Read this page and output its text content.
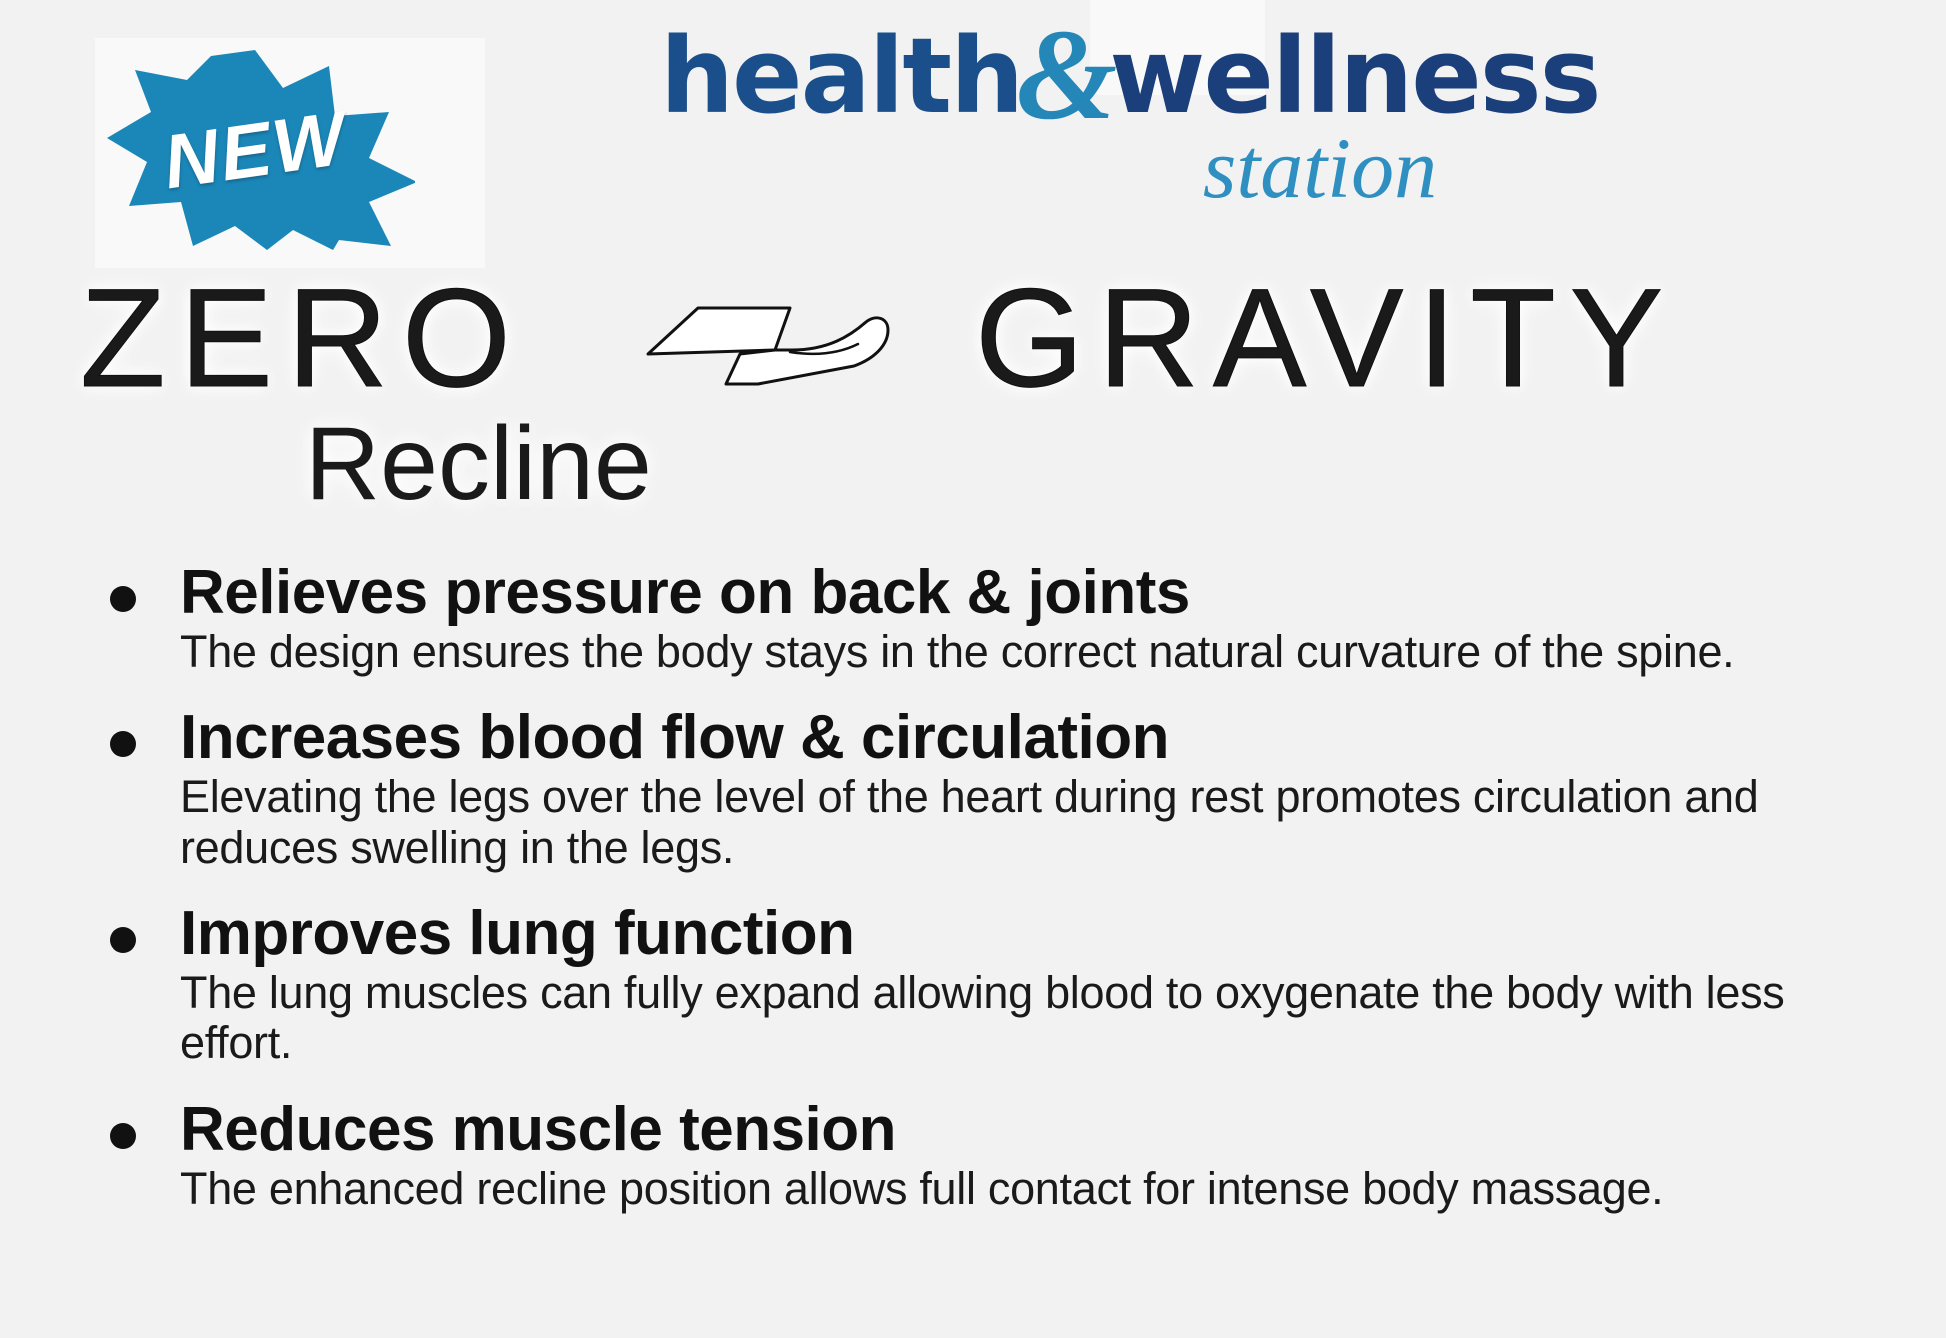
NEW
health&wellness
station
ZERO	GRAVITY
Recline
Relieves pressure on back & joints
The design ensures the body stays in the correct natural curvature of the spine.
Increases blood flow & circulation
Elevating the legs over the level of the heart during rest promotes circulation and reduces swelling in the legs.
Improves lung function
The lung muscles can fully expand allowing blood to oxygenate the body with less effort.
Reduces muscle tension
The enhanced recline position allows full contact for intense body massage.
